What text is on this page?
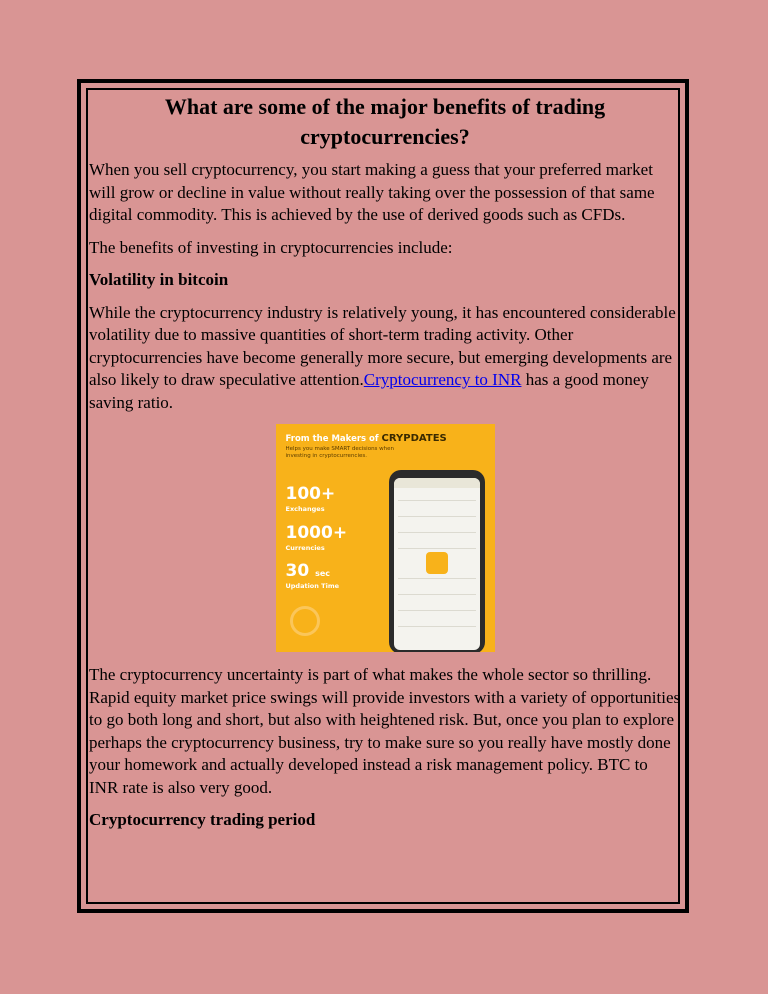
What are some of the major benefits of trading cryptocurrencies?

When you sell cryptocurrency, you start making a guess that your preferred market will grow or decline in value without really taking over the possession of that same digital commodity. This is achieved by the use of derived goods such as CFDs.

The benefits of investing in cryptocurrencies include:

Volatility in bitcoin

While the cryptocurrency industry is relatively young, it has encountered considerable volatility due to massive quantities of short-term trading activity. Other cryptocurrencies have become generally more secure, but emerging developments are also likely to draw speculative attention.Cryptocurrency to INR has a good money saving ratio.

From the Makers of CRYPDATES
Helps you make SMART decisions when investing in cryptocurrencies.
100+
Exchanges
1000+
Currencies
30 sec
Updation Time

The cryptocurrency uncertainty is part of what makes the whole sector so thrilling. Rapid equity market price swings will provide investors with a variety of opportunities to go both long and short, but also with heightened risk. But, once you plan to explore perhaps the cryptocurrency business, try to make sure so you really have mostly done your homework and actually developed instead a risk management policy. BTC to INR rate is also very good.

Cryptocurrency trading period
